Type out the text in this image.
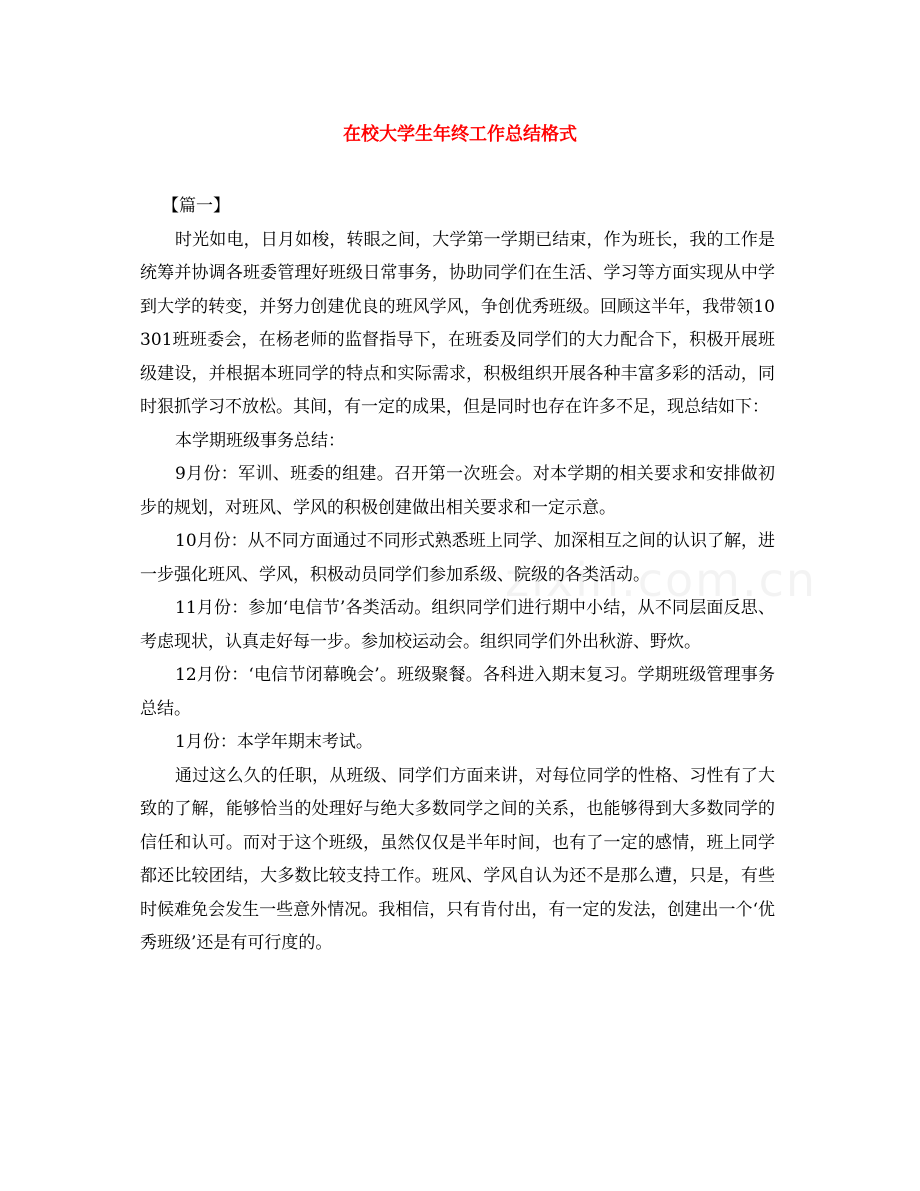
在校大学生年终工作总结格式

【篇一】

时光如电，日月如梭，转眼之间，大学第一学期已结束，作为班长，我的工作是统筹并协调各班委管理好班级日常事务，协助同学们在生活、学习等方面实现从中学到大学的转变，并努力创建优良的班风学风，争创优秀班级。回顾这半年，我带领10301班班委会，在杨老师的监督指导下，在班委及同学们的大力配合下，积极开展班级建设，并根据本班同学的特点和实际需求，积极组织开展各种丰富多彩的活动，同时狠抓学习不放松。其间，有一定的成果，但是同时也存在许多不足，现总结如下：

本学期班级事务总结：

9月份：军训、班委的组建。召开第一次班会。对本学期的相关要求和安排做初步的规划，对班风、学风的积极创建做出相关要求和一定示意。

10月份：从不同方面通过不同形式熟悉班上同学、加深相互之间的认识了解，进一步强化班风、学风，积极动员同学们参加系级、院级的各类活动。

11月份：参加‘电信节’各类活动。组织同学们进行期中小结，从不同层面反思、考虑现状，认真走好每一步。参加校运动会。组织同学们外出秋游、野炊。

12月份：‘电信节闭幕晚会’。班级聚餐。各科进入期末复习。学期班级管理事务总结。

1月份：本学年期末考试。

通过这么久的任职，从班级、同学们方面来讲，对每位同学的性格、习性有了大致的了解，能够恰当的处理好与绝大多数同学之间的关系，也能够得到大多数同学的信任和认可。而对于这个班级，虽然仅仅是半年时间，也有了一定的感情，班上同学都还比较团结，大多数比较支持工作。班风、学风自认为还不是那么遭，只是，有些时候难免会发生一些意外情况。我相信，只有肯付出，有一定的发法，创建出一个‘优秀班级’还是有可行度的。
